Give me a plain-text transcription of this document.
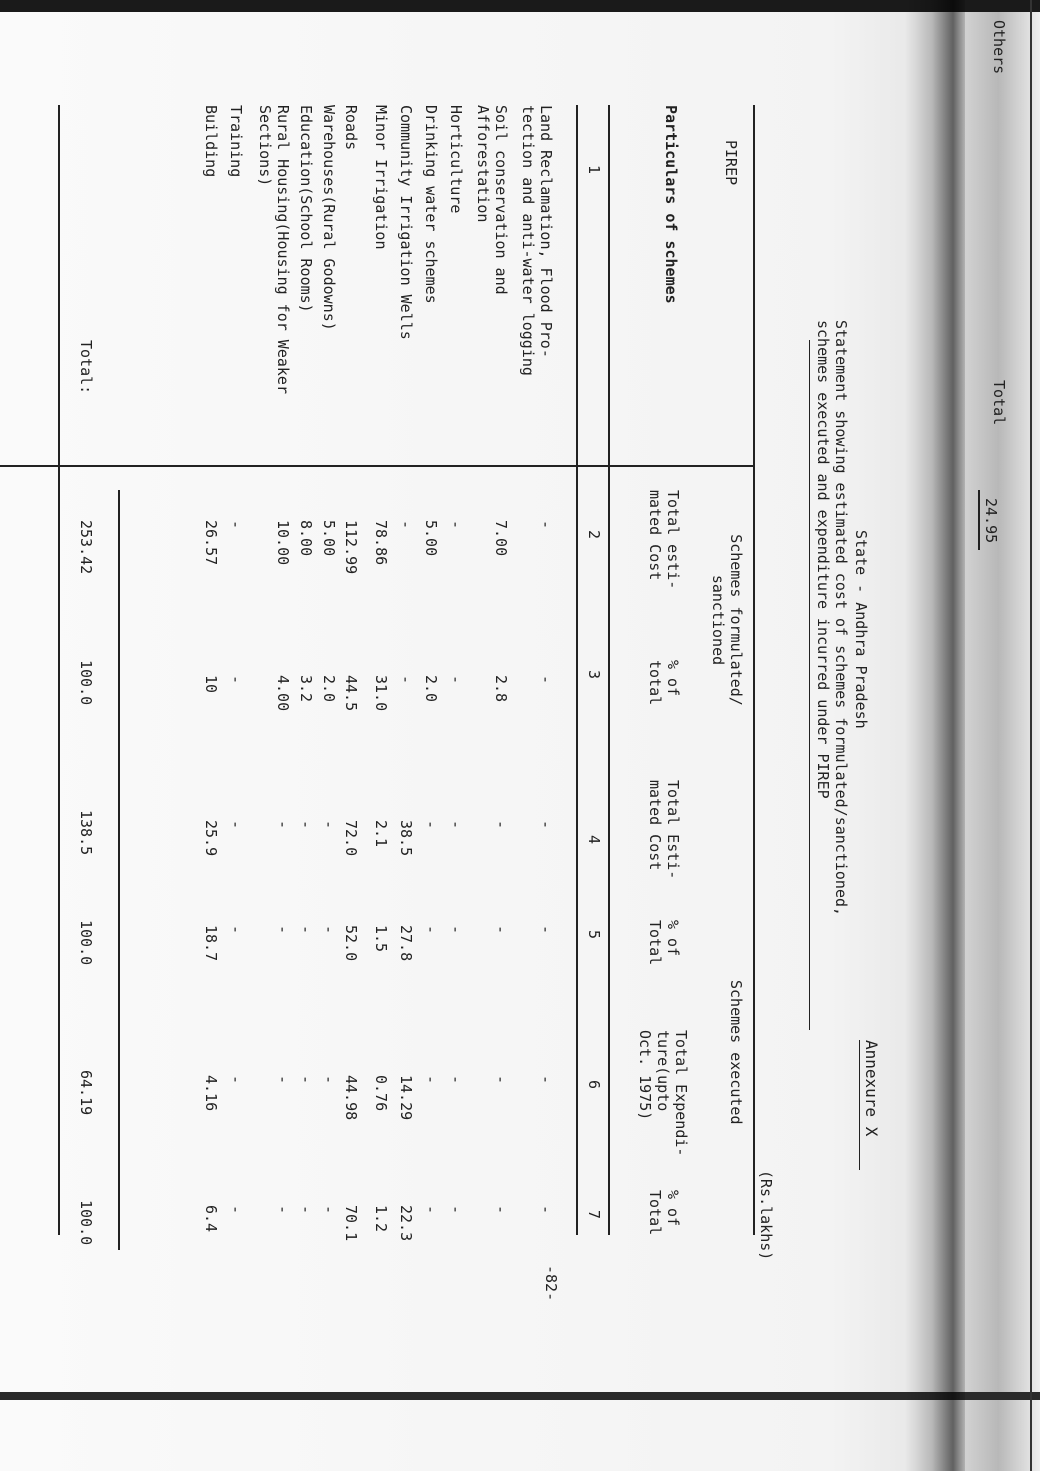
Others
Total
24.95
Annexure X
State - Andhra Pradesh
Statement showing estimated cost of schemes formulated/sanctioned,
schemes executed and expenditure incurred under PIREP
(Rs.lakhs)
PIREP
Schemes formulated/ sanctioned
Schemes executed
Particulars of schemes
Total esti-
mated Cost
% of
total
Total Esti-
mated Cost
% of
Total
Total Expendi-
ture(upto
Oct. 1975)
% of
Total
1
2
3
4
5
6
7
Land Reclamation, Flood Pro-
tection and anti-water logging
-
-
-
-
-
-
Soil conservation and
Afforestation
7.00
2.8
-
-
-
-
Horticulture
-
-
-
-
-
-
Drinking water schemes
5.00
2.0
-
-
-
-
Community Irrigation Wells
-
-
38.5
27.8
14.29
22.3
Minor Irrigation
78.86
31.0
2.1
1.5
0.76
1.2
Roads
112.99
44.5
72.0
52.0
44.98
70.1
Warehouses(Rural Godowns)
5.00
2.0
-
-
-
-
Education(School Rooms)
8.00
3.2
-
-
-
-
Rural Housing(Housing for Weaker
Sections)
10.00
4.00
-
-
-
-
Training
-
-
-
-
-
-
Building
26.57
10
25.9
18.7
4.16
6.4
Total:
253.42
100.0
138.5
100.0
64.19
100.0
-82-
